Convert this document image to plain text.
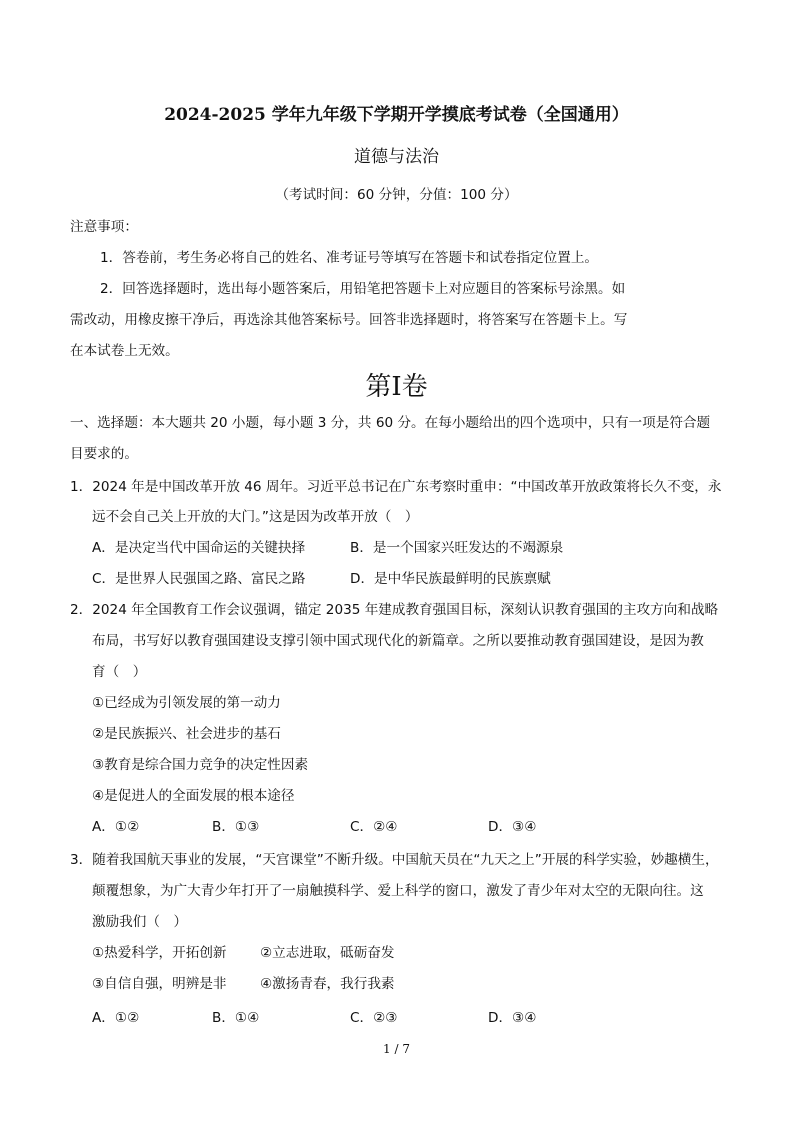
2024-2025 学年九年级下学期开学摸底考试卷（全国通用）
道德与法治
（考试时间：60 分钟，分值：100 分）
注意事项：
1．答卷前，考生务必将自己的姓名、准考证号等填写在答题卡和试卷指定位置上。
2．回答选择题时，选出每小题答案后，用铅笔把答题卡上对应题目的答案标号涂黑。如
需改动，用橡皮擦干净后，再选涂其他答案标号。回答非选择题时，将答案写在答题卡上。写
在本试卷上无效。
第Ⅰ卷
一、选择题：本大题共 20 小题，每小题 3 分，共 60 分。在每小题给出的四个选项中，只有一项是符合题
目要求的。
1．2024 年是中国改革开放 46 周年。习近平总书记在广东考察时重申：“中国改革开放政策将长久不变，永
远不会自己关上开放的大门。”这是因为改革开放（　）
A．是决定当代中国命运的关键抉择	B．是一个国家兴旺发达的不竭源泉
C．是世界人民强国之路、富民之路	D．是中华民族最鲜明的民族禀赋
2．2024 年全国教育工作会议强调，锚定 2035 年建成教育强国目标，深刻认识教育强国的主攻方向和战略
布局，书写好以教育强国建设支撑引领中国式现代化的新篇章。之所以要推动教育强国建设，是因为教
育（　）
①已经成为引领发展的第一动力
②是民族振兴、社会进步的基石
③教育是综合国力竞争的决定性因素
④是促进人的全面发展的根本途径
A．①②	B．①③	C．②④	D．③④
3．随着我国航天事业的发展，“天宫课堂”不断升级。中国航天员在“九天之上”开展的科学实验，妙趣横生，
颠覆想象，为广大青少年打开了一扇触摸科学、爱上科学的窗口，激发了青少年对太空的无限向往。这
激励我们（　）
①热爱科学，开拓创新 ②立志进取，砥砺奋发
③自信自强，明辨是非 ④激扬青春，我行我素
A．①②	B．①④	C．②③	D．③④
1 / 7
